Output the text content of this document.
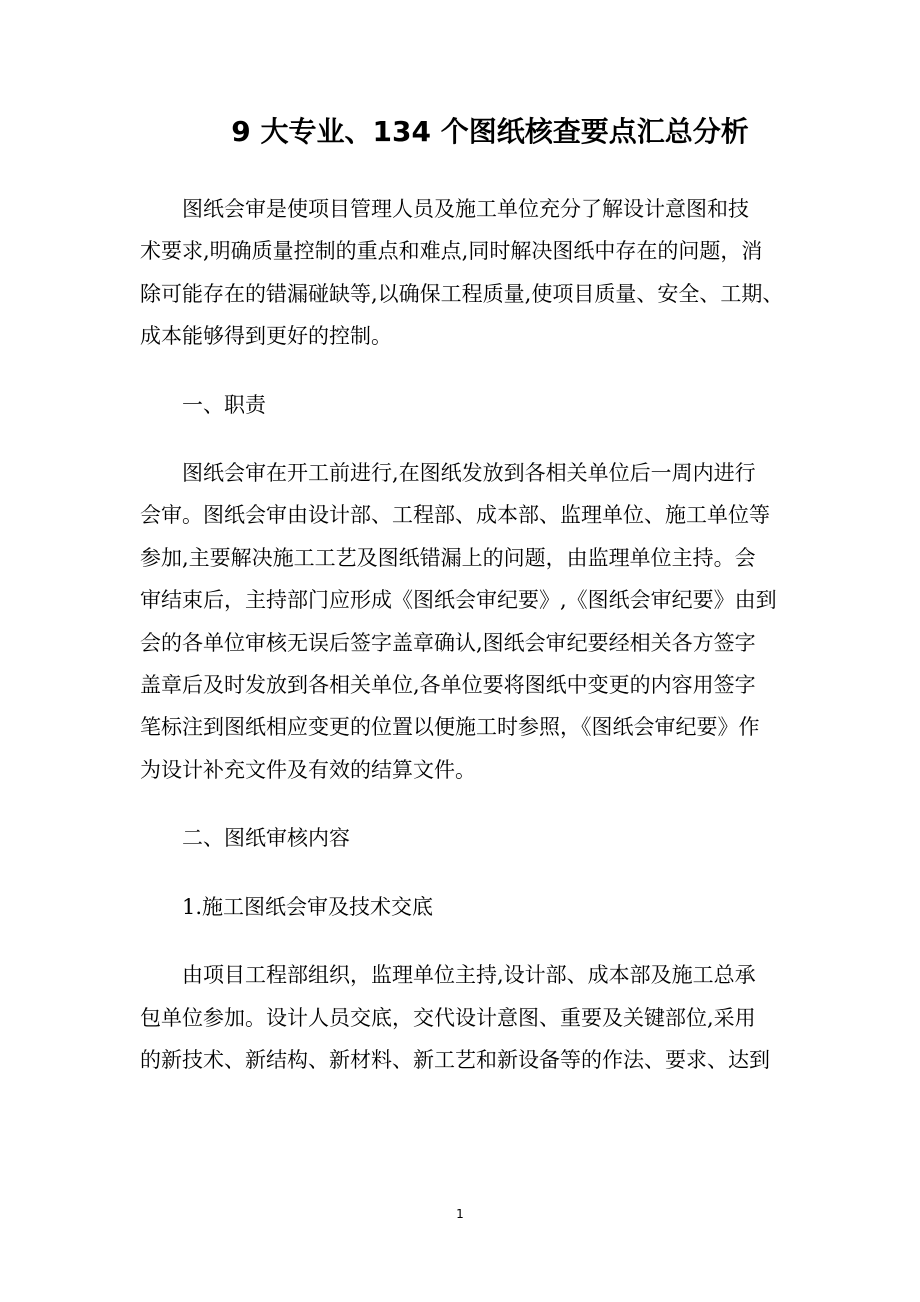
9 大专业、134 个图纸核查要点汇总分析

图纸会审是使项目管理人员及施工单位充分了解设计意图和技
术要求,明确质量控制的重点和难点,同时解决图纸中存在的问题，消
除可能存在的错漏碰缺等,以确保工程质量,使项目质量、安全、工期、
成本能够得到更好的控制。

一、职责

图纸会审在开工前进行,在图纸发放到各相关单位后一周内进行
会审。图纸会审由设计部、工程部、成本部、监理单位、施工单位等
参加,主要解决施工工艺及图纸错漏上的问题，由监理单位主持。会
审结束后，主持部门应形成《图纸会审纪要》,《图纸会审纪要》由到
会的各单位审核无误后签字盖章确认,图纸会审纪要经相关各方签字
盖章后及时发放到各相关单位,各单位要将图纸中变更的内容用签字
笔标注到图纸相应变更的位置以便施工时参照，《图纸会审纪要》作
为设计补充文件及有效的结算文件。

二、图纸审核内容

1.施工图纸会审及技术交底

由项目工程部组织，监理单位主持,设计部、成本部及施工总承
包单位参加。设计人员交底，交代设计意图、重要及关键部位,采用
的新技术、新结构、新材料、新工艺和新设备等的作法、要求、达到

1
